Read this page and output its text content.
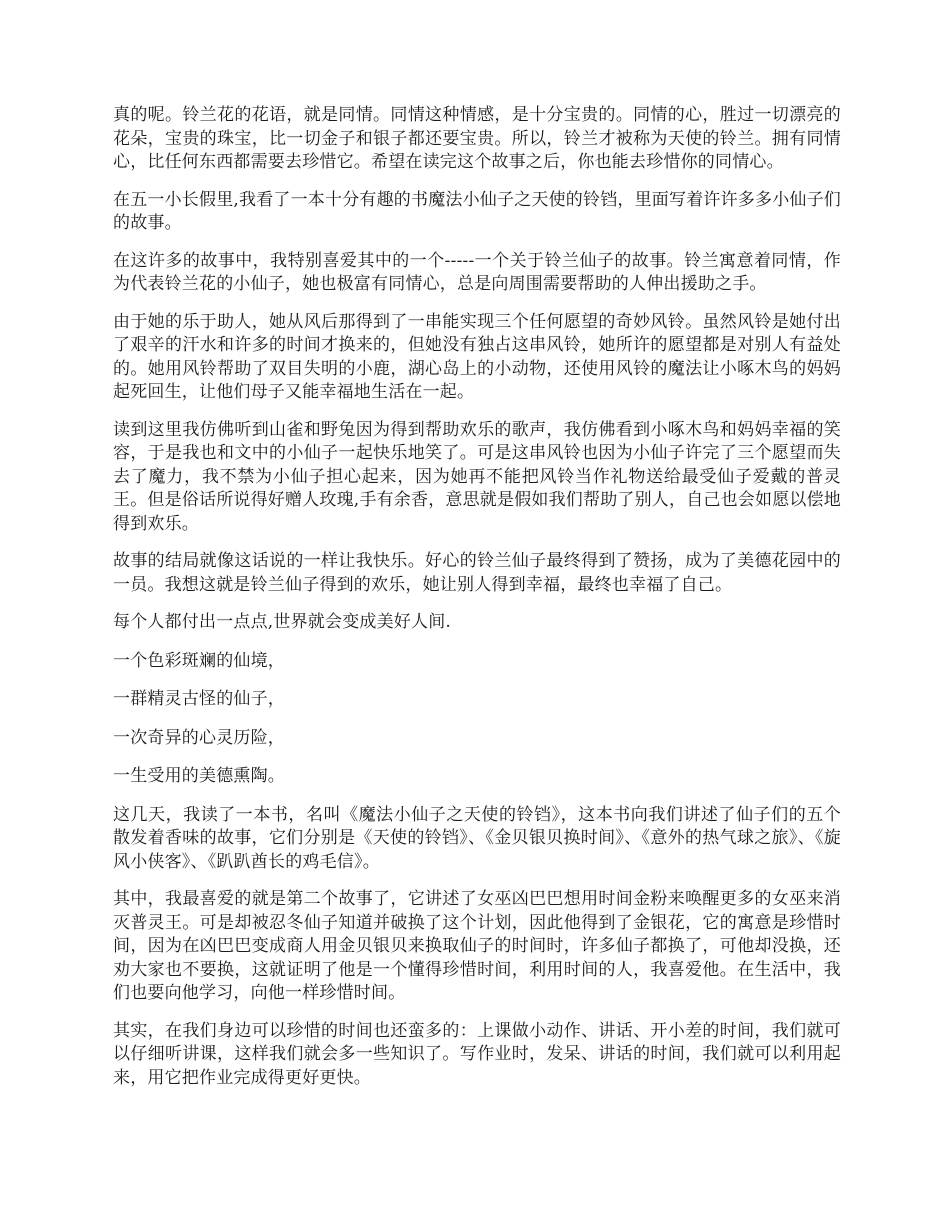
真的呢。铃兰花的花语，就是同情。同情这种情感，是十分宝贵的。同情的心，胜过一切漂亮的花朵，宝贵的珠宝，比一切金子和银子都还要宝贵。所以，铃兰才被称为天使的铃兰。拥有同情心，比任何东西都需要去珍惜它。希望在读完这个故事之后，你也能去珍惜你的同情心。

在五一小长假里,我看了一本十分有趣的书魔法小仙子之天使的铃铛，里面写着许许多多小仙子们的故事。

在这许多的故事中，我特别喜爱其中的一个-----一个关于铃兰仙子的故事。铃兰寓意着同情，作为代表铃兰花的小仙子，她也极富有同情心，总是向周围需要帮助的人伸出援助之手。

由于她的乐于助人，她从风后那得到了一串能实现三个任何愿望的奇妙风铃。虽然风铃是她付出了艰辛的汗水和许多的时间才换来的，但她没有独占这串风铃，她所许的愿望都是对别人有益处的。她用风铃帮助了双目失明的小鹿，湖心岛上的小动物，还使用风铃的魔法让小啄木鸟的妈妈起死回生，让他们母子又能幸福地生活在一起。

读到这里我仿佛听到山雀和野兔因为得到帮助欢乐的歌声，我仿佛看到小啄木鸟和妈妈幸福的笑容，于是我也和文中的小仙子一起快乐地笑了。可是这串风铃也因为小仙子许完了三个愿望而失去了魔力，我不禁为小仙子担心起来，因为她再不能把风铃当作礼物送给最受仙子爱戴的普灵王。但是俗话所说得好赠人玫瑰,手有余香，意思就是假如我们帮助了别人，自己也会如愿以偿地得到欢乐。

故事的结局就像这话说的一样让我快乐。好心的铃兰仙子最终得到了赞扬，成为了美德花园中的一员。我想这就是铃兰仙子得到的欢乐，她让别人得到幸福，最终也幸福了自己。

每个人都付出一点点,世界就会变成美好人间.

一个色彩斑斓的仙境，

一群精灵古怪的仙子，

一次奇异的心灵历险，

一生受用的美德熏陶。

这几天，我读了一本书，名叫《魔法小仙子之天使的铃铛》，这本书向我们讲述了仙子们的五个散发着香味的故事，它们分别是《天使的铃铛》、《金贝银贝换时间》、《意外的热气球之旅》、《旋风小侠客》、《趴趴酋长的鸡毛信》。

其中，我最喜爱的就是第二个故事了，它讲述了女巫凶巴巴想用时间金粉来唤醒更多的女巫来消灭普灵王。可是却被忍冬仙子知道并破换了这个计划，因此他得到了金银花，它的寓意是珍惜时间，因为在凶巴巴变成商人用金贝银贝来换取仙子的时间时，许多仙子都换了，可他却没换，还劝大家也不要换，这就证明了他是一个懂得珍惜时间，利用时间的人，我喜爱他。在生活中，我们也要向他学习，向他一样珍惜时间。

其实，在我们身边可以珍惜的时间也还蛮多的：上课做小动作、讲话、开小差的时间，我们就可以仔细听讲课，这样我们就会多一些知识了。写作业时，发呆、讲话的时间，我们就可以利用起来，用它把作业完成得更好更快。
